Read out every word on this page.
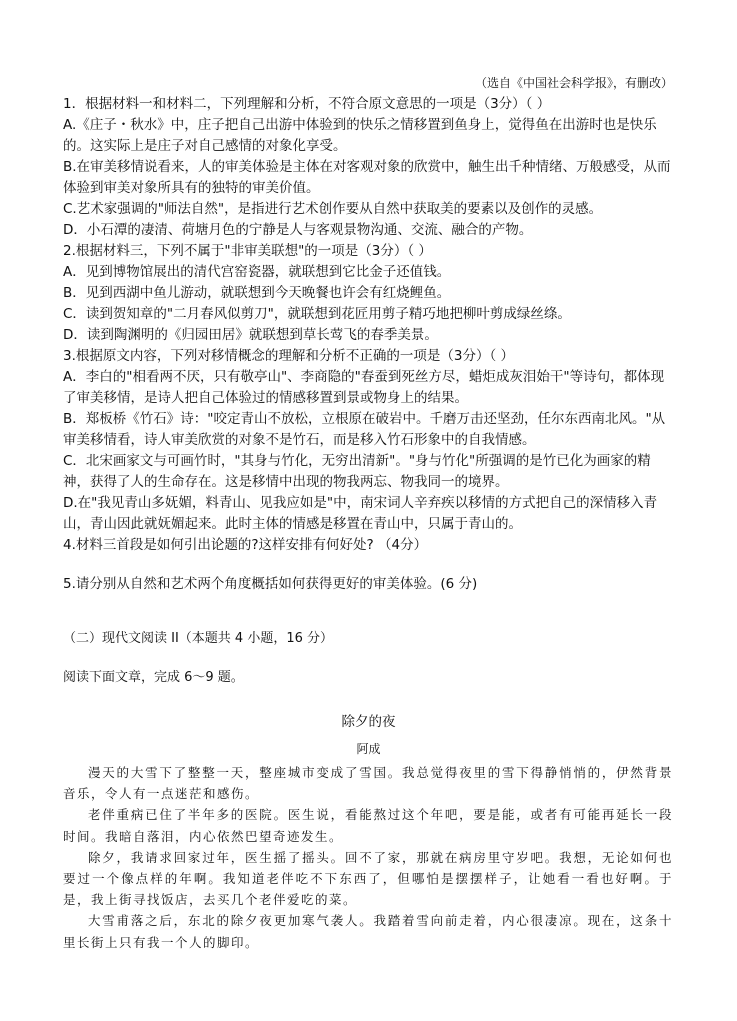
（选自《中国社会科学报》，有删改）

1．根据材料一和材料二，下列理解和分析，不符合原文意思的一项是（3分）（ ）

A.《庄子・秋水》中，庄子把自己出游中体验到的快乐之情移置到鱼身上，觉得鱼在出游时也是快乐的。这实际上是庄子对自己感情的对象化享受。

B.在审美移情说看来，人的审美体验是主体在对客观对象的欣赏中，触生出千种情绪、万般感受，从而体验到审美对象所具有的独特的审美价值。

C.艺术家强调的"师法自然"，是指进行艺术创作要从自然中获取美的要素以及创作的灵感。

D．小石潭的凄清、荷塘月色的宁静是人与客观景物沟通、交流、融合的产物。

2.根据材料三，下列不属于"非审美联想"的一项是（3分）（ ）

A．见到博物馆展出的清代宫窑瓷器，就联想到它比金子还值钱。

B．见到西湖中鱼儿游动，就联想到今天晚餐也许会有红烧鲤鱼。

C．读到贺知章的"二月春风似剪刀"，就联想到花匠用剪子精巧地把柳叶剪成绿丝绦。

D．读到陶渊明的《归园田居》就联想到草长莺飞的春季美景。

3.根据原文内容，下列对移情概念的理解和分析不正确的一项是（3分）（ ）

A．李白的"相看两不厌，只有敬亭山"、李商隐的"春蚕到死丝方尽，蜡炬成灰泪始干"等诗句，都体现了审美移情，是诗人把自己体验过的情感移置到景或物身上的结果。

B．郑板桥《竹石》诗："咬定青山不放松，立根原在破岩中。千磨万击还坚劲，任尔东西南北风。"从审美移情看，诗人审美欣赏的对象不是竹石，而是移入竹石形象中的自我情感。

C．北宋画家文与可画竹时，"其身与竹化，无穷出清新"。"身与竹化"所强调的是竹已化为画家的精神，获得了人的生命存在。这是移情中出现的物我两忘、物我同一的境界。

D.在"我见青山多妩媚，料青山、见我应如是"中，南宋词人辛弃疾以移情的方式把自己的深情移入青山，青山因此就妩媚起来。此时主体的情感是移置在青山中，只属于青山的。

4.材料三首段是如何引出论题的?这样安排有何好处? （4分）

5.请分别从自然和艺术两个角度概括如何获得更好的审美体验。(6 分)
（二）现代文阅读 II（本题共 4 小题，16 分）
阅读下面文章，完成 6～9 题。
除夕的夜
阿成

漫天的大雪下了整整一天，整座城市变成了雪国。我总觉得夜里的雪下得静悄悄的，伊然背景音乐，令人有一点迷茫和感伤。

老伴重病已住了半年多的医院。医生说，看能熬过这个年吧，要是能，或者有可能再延长一段时间。我暗自落泪，内心依然巴望奇迹发生。

除夕，我请求回家过年，医生摇了摇头。回不了家，那就在病房里守岁吧。我想，无论如何也要过一个像点样的年啊。我知道老伴吃不下东西了，但哪怕是摆摆样子，让她看一看也好啊。于是，我上街寻找饭店，去买几个老伴爱吃的菜。

大雪甫落之后，东北的除夕夜更加寒气袭人。我踏着雪向前走着，内心很凄凉。现在，这条十里长街上只有我一个人的脚印。
